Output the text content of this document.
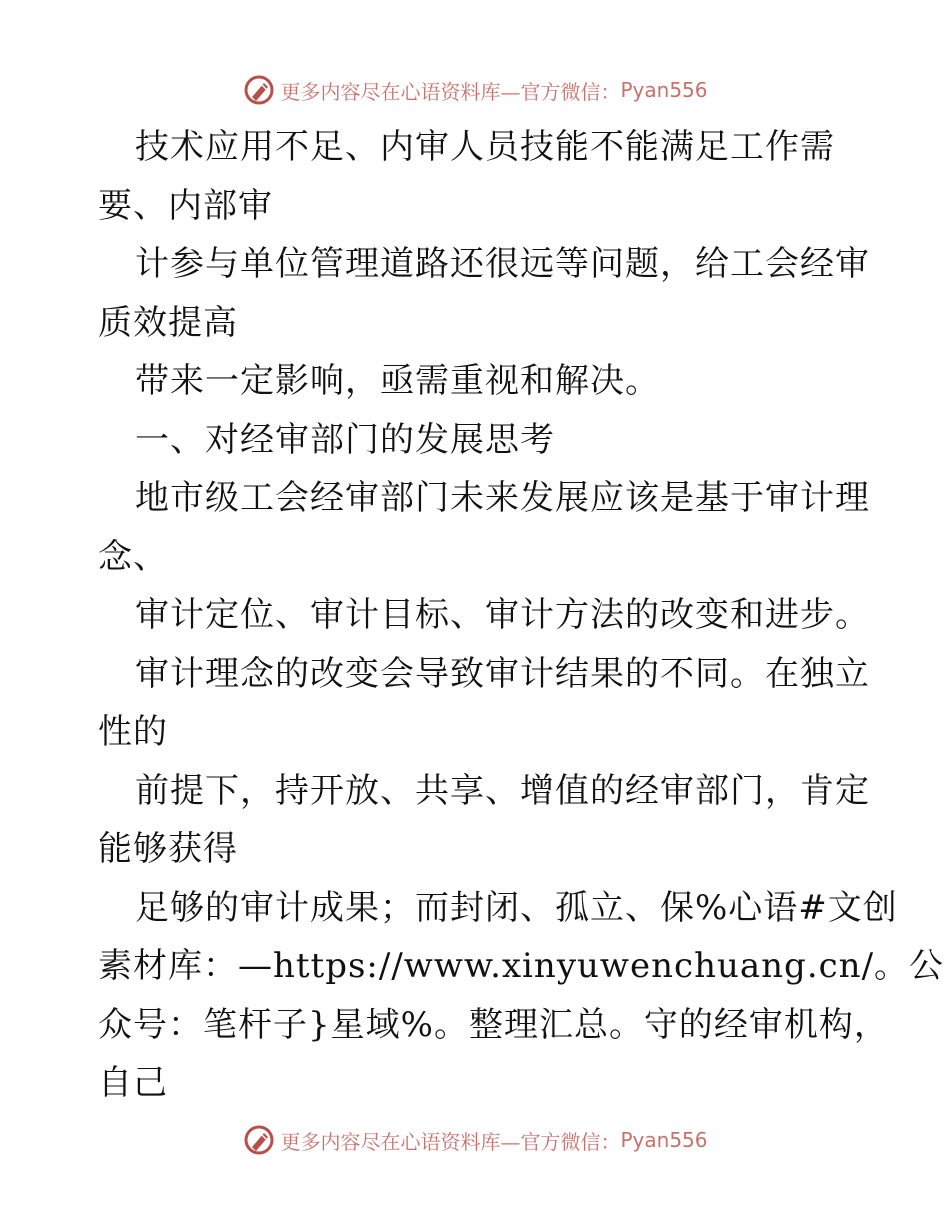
更多内容尽在心语资料库—官方微信： Pyan556
技术应用不足、内审人员技能不能满足工作需
要、内部审
计参与单位管理道路还很远等问题，给工会经审
质效提高
带来一定影响，亟需重视和解决。
一、对经审部门的发展思考
地市级工会经审部门未来发展应该是基于审计理
念、
审计定位、审计目标、审计方法的改变和进步。
审计理念的改变会导致审计结果的不同。在独立
性的
前提下，持开放、共享、增值的经审部门，肯定
能够获得
足够的审计成果；而封闭、孤立、保%心语#文创
素材库：—https://www.xinyuwenchuang.cn/。公
众号：笔杆子}星域%。整理汇总。守的经审机构，
自己
更多内容尽在心语资料库—官方微信： Pyan556
